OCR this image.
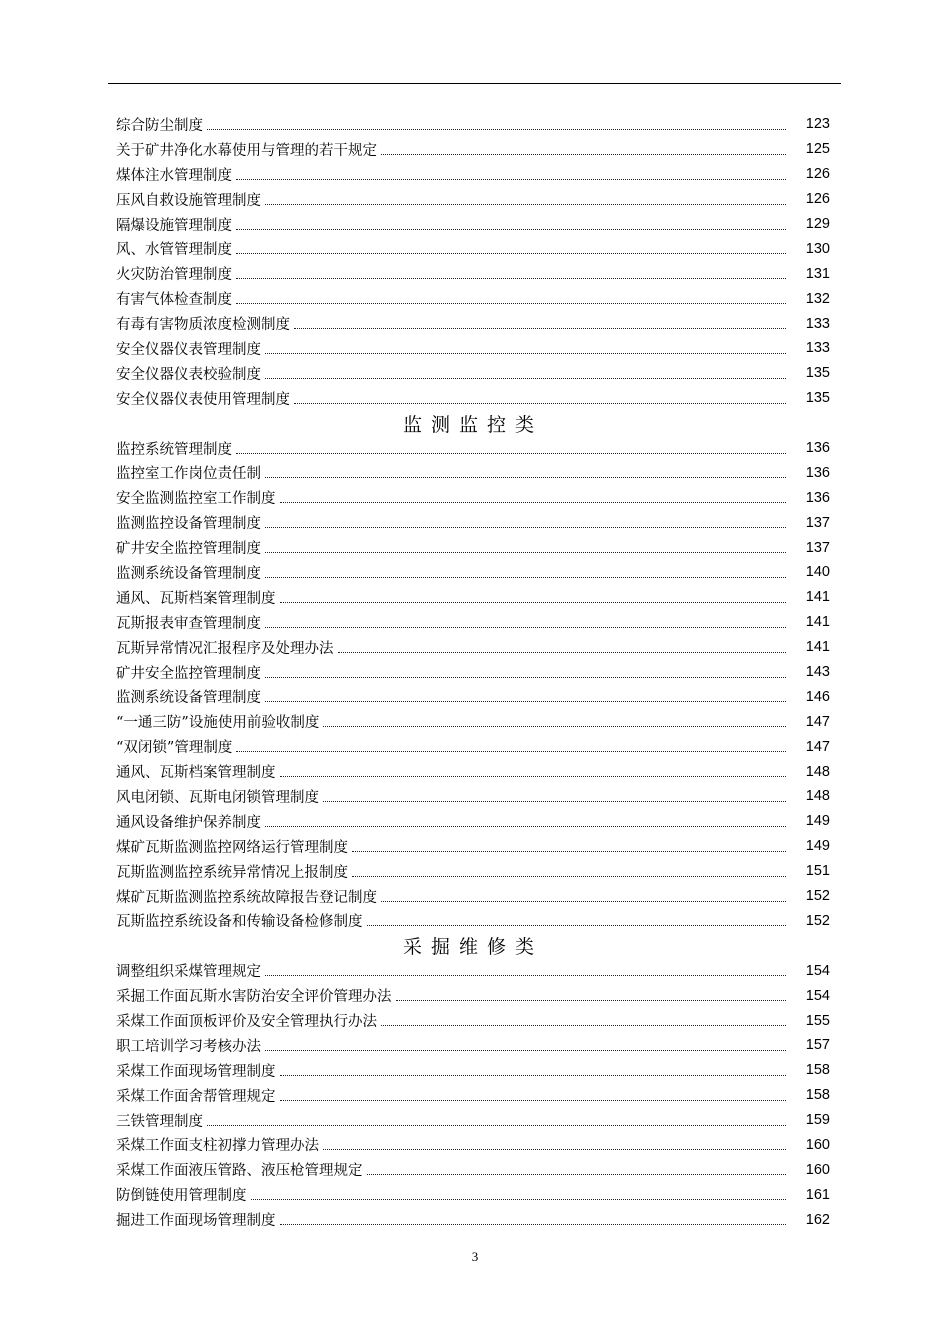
综合防尘制度	123
关于矿井净化水幕使用与管理的若干规定	125
煤体注水管理制度	126
压风自救设施管理制度	126
隔爆设施管理制度	129
风、水管管理制度	130
火灾防治管理制度	131
有害气体检查制度	132
有毒有害物质浓度检测制度	133
安全仪器仪表管理制度	133
安全仪器仪表校验制度	135
安全仪器仪表使用管理制度	135
监测监控类
监控系统管理制度	136
监控室工作岗位责任制	136
安全监测监控室工作制度	136
监测监控设备管理制度	137
矿井安全监控管理制度	137
监测系统设备管理制度	140
通风、瓦斯档案管理制度	141
瓦斯报表审查管理制度	141
瓦斯异常情况汇报程序及处理办法	141
矿井安全监控管理制度	143
监测系统设备管理制度	146
“一通三防”设施使用前验收制度	147
“双闭锁”管理制度	147
通风、瓦斯档案管理制度	148
风电闭锁、瓦斯电闭锁管理制度	148
通风设备维护保养制度	149
煤矿瓦斯监测监控网络运行管理制度	149
瓦斯监测监控系统异常情况上报制度	151
煤矿瓦斯监测监控系统故障报告登记制度	152
瓦斯监控系统设备和传输设备检修制度	152
采掘维修类
调整组织采煤管理规定	154
采掘工作面瓦斯水害防治安全评价管理办法	154
采煤工作面顶板评价及安全管理执行办法	155
职工培训学习考核办法	157
采煤工作面现场管理制度	158
采煤工作面舍帮管理规定	158
三铁管理制度	159
采煤工作面支柱初撑力管理办法	160
采煤工作面液压管路、液压枪管理规定	160
防倒链使用管理制度	161
掘进工作面现场管理制度	162
3
